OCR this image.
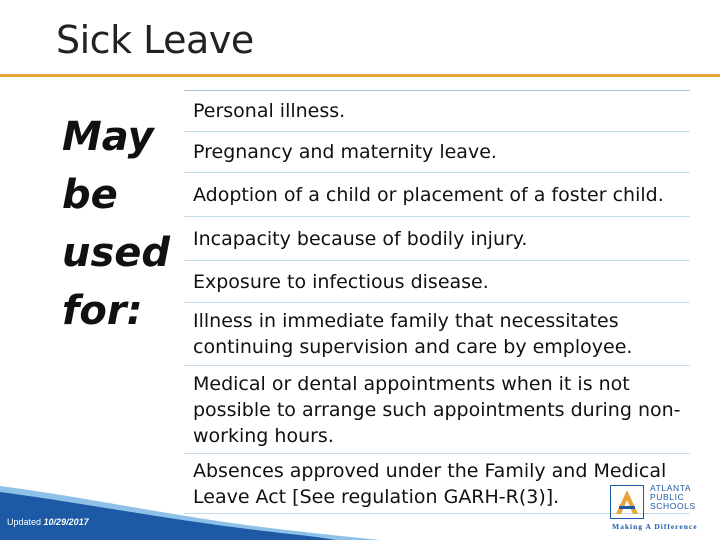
Sick Leave
May be used for:
Personal illness.
Pregnancy and maternity leave.
Adoption of a child or placement of a foster child.
Incapacity because of bodily injury.
Exposure to infectious disease.
Illness in immediate family that necessitates continuing supervision and care by employee.
Medical or dental appointments when it is not possible to arrange such appointments during non-working hours.
Absences approved under the Family and Medical Leave Act [See regulation GARH-R(3)].
Updated 10/29/2017
ATLANTA
PUBLIC
SCHOOLS
Making A Difference
